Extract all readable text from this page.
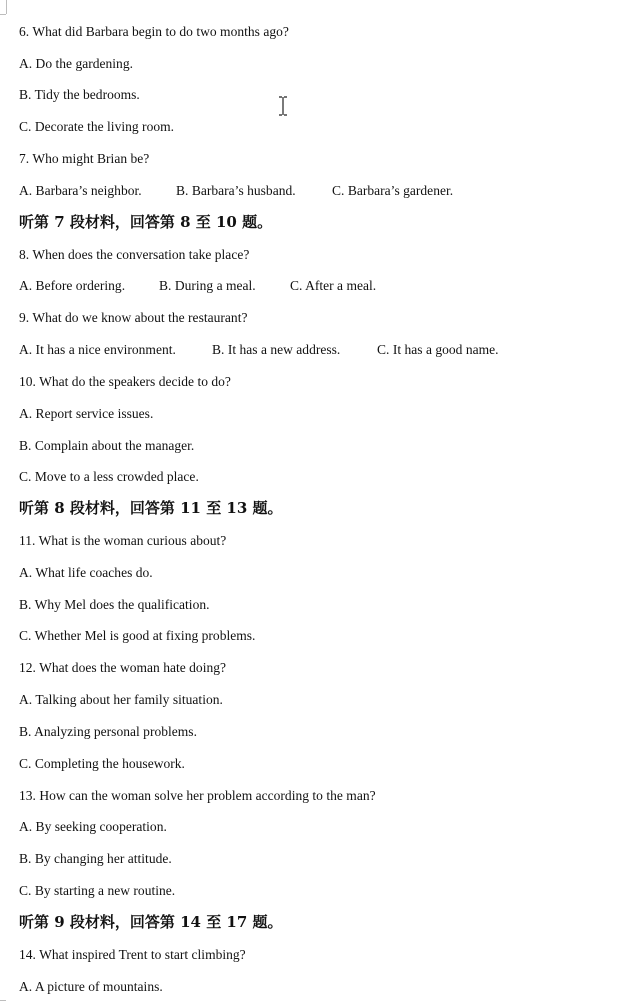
6. What did Barbara begin to do two months ago?
A. Do the gardening.
B. Tidy the bedrooms.
C. Decorate the living room.
7. Who might Brian be?
A. Barbara’s neighbor.	B. Barbara’s husband.	C. Barbara’s gardener.
听第 7 段材料，回答第 8 至 10 题。
8. When does the conversation take place?
A. Before ordering.	B. During a meal.	C. After a meal.
9. What do we know about the restaurant?
A. It has a nice environment.	B. It has a new address.	C. It has a good name.
10. What do the speakers decide to do?
A. Report service issues.
B. Complain about the manager.
C. Move to a less crowded place.
听第 8 段材料，回答第 11 至 13 题。
11. What is the woman curious about?
A. What life coaches do.
B. Why Mel does the qualification.
C. Whether Mel is good at fixing problems.
12. What does the woman hate doing?
A. Talking about her family situation.
B. Analyzing personal problems.
C. Completing the housework.
13. How can the woman solve her problem according to the man?
A. By seeking cooperation.
B. By changing her attitude.
C. By starting a new routine.
听第 9 段材料，回答第 14 至 17 题。
14. What inspired Trent to start climbing?
A. A picture of mountains.
